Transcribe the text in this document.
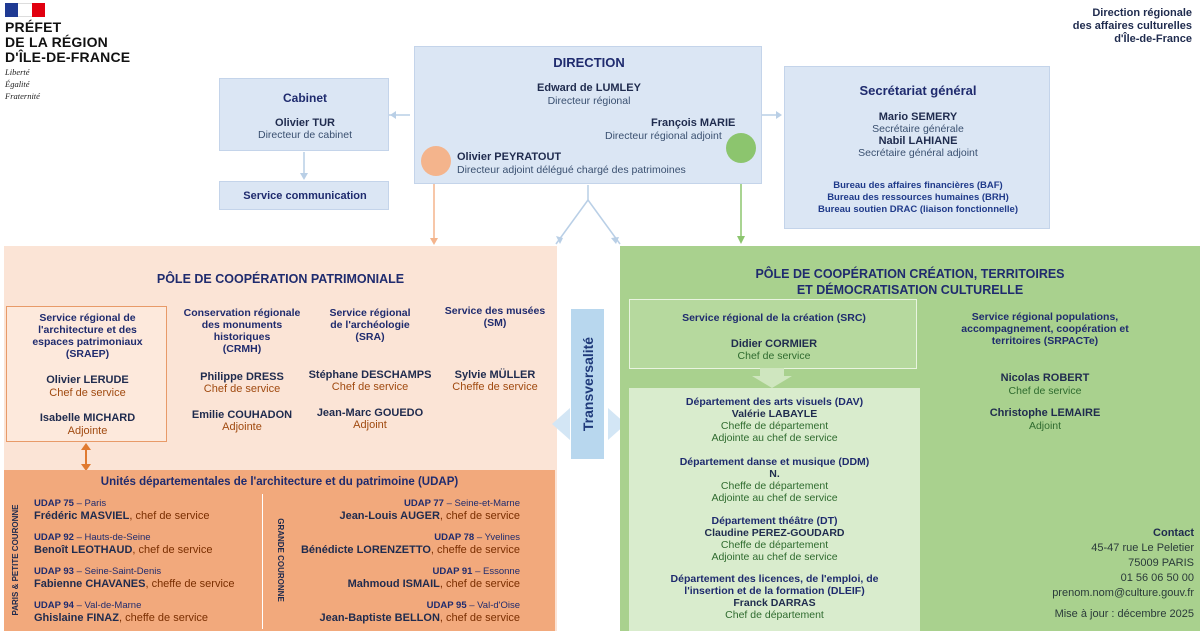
PRÉFET
DE LA RÉGION
D'ÎLE-DE-FRANCE
Liberté
Égalité
Fraternité
Direction régionale
des affaires culturelles
d'Île-de-France
DIRECTION
Edward de LUMLEY
Directeur régional
François MARIE
Directeur régional adjoint
Olivier PEYRATOUT
Directeur adjoint délégué chargé des patrimoines
Cabinet
Olivier TUR
Directeur de cabinet
Service communication
Secrétariat général
Mario SEMERY
Secrétaire générale
Nabil LAHIANE
Secrétaire général adjoint
Bureau des affaires financières (BAF)
Bureau des ressources humaines (BRH)
Bureau soutien DRAC (liaison fonctionnelle)
PÔLE DE COOPÉRATION PATRIMONIALE
Service régional de
l'architecture et des
espaces patrimoniaux
(SRAEP)
Olivier LERUDE
Chef de service
Isabelle MICHARD
Adjointe
Conservation régionale
des monuments
historiques
(CRMH)
Philippe DRESS
Chef de service
Emilie COUHADON
Adjointe
Service régional
de l'archéologie
(SRA)
Stéphane DESCHAMPS
Chef de service
Jean-Marc GOUEDO
Adjoint
Service des musées
(SM)
Sylvie MÜLLER
Cheffe de service
Unités départementales de l'architecture et du patrimoine (UDAP)
PARIS & PETITE COURONNE	GRANDE COURONNE
UDAP 75 – Paris
Frédéric MASVIEL, chef de service
UDAP 92 – Hauts-de-Seine
Benoît LEOTHAUD, chef de service
UDAP 93 – Seine-Saint-Denis
Fabienne CHAVANES, cheffe de service
UDAP 94 – Val-de-Marne
Ghislaine FINAZ, cheffe de service
UDAP 77 – Seine-et-Marne
Jean-Louis AUGER, chef de service
UDAP 78 – Yvelines
Bénédicte LORENZETTO, cheffe de service
UDAP 91 – Essonne
Mahmoud ISMAIL, chef de service
UDAP 95 – Val-d'Oise
Jean-Baptiste BELLON, chef de service
Transversalité
PÔLE DE COOPÉRATION CRÉATION, TERRITOIRES
ET DÉMOCRATISATION CULTURELLE
Service régional de la création (SRC)
Didier CORMIER
Chef de service
Département des arts visuels (DAV)
Valérie LABAYLE
Cheffe de département
Adjointe au chef de service
Département danse et musique (DDM)
N.
Cheffe de département
Adjointe au chef de service
Département théâtre (DT)
Claudine PEREZ-GOUDARD
Cheffe de département
Adjointe au chef de service
Département des licences, de l'emploi, de
l'insertion et de la formation (DLEIF)
Franck DARRAS
Chef de département
Service régional populations,
accompagnement, coopération et
territoires (SRPACTe)
Nicolas ROBERT
Chef de service
Christophe LEMAIRE
Adjoint
Contact
45-47 rue Le Peletier
75009 PARIS
01 56 06 50 00
prenom.nom@culture.gouv.fr
Mise à jour : décembre 2025
